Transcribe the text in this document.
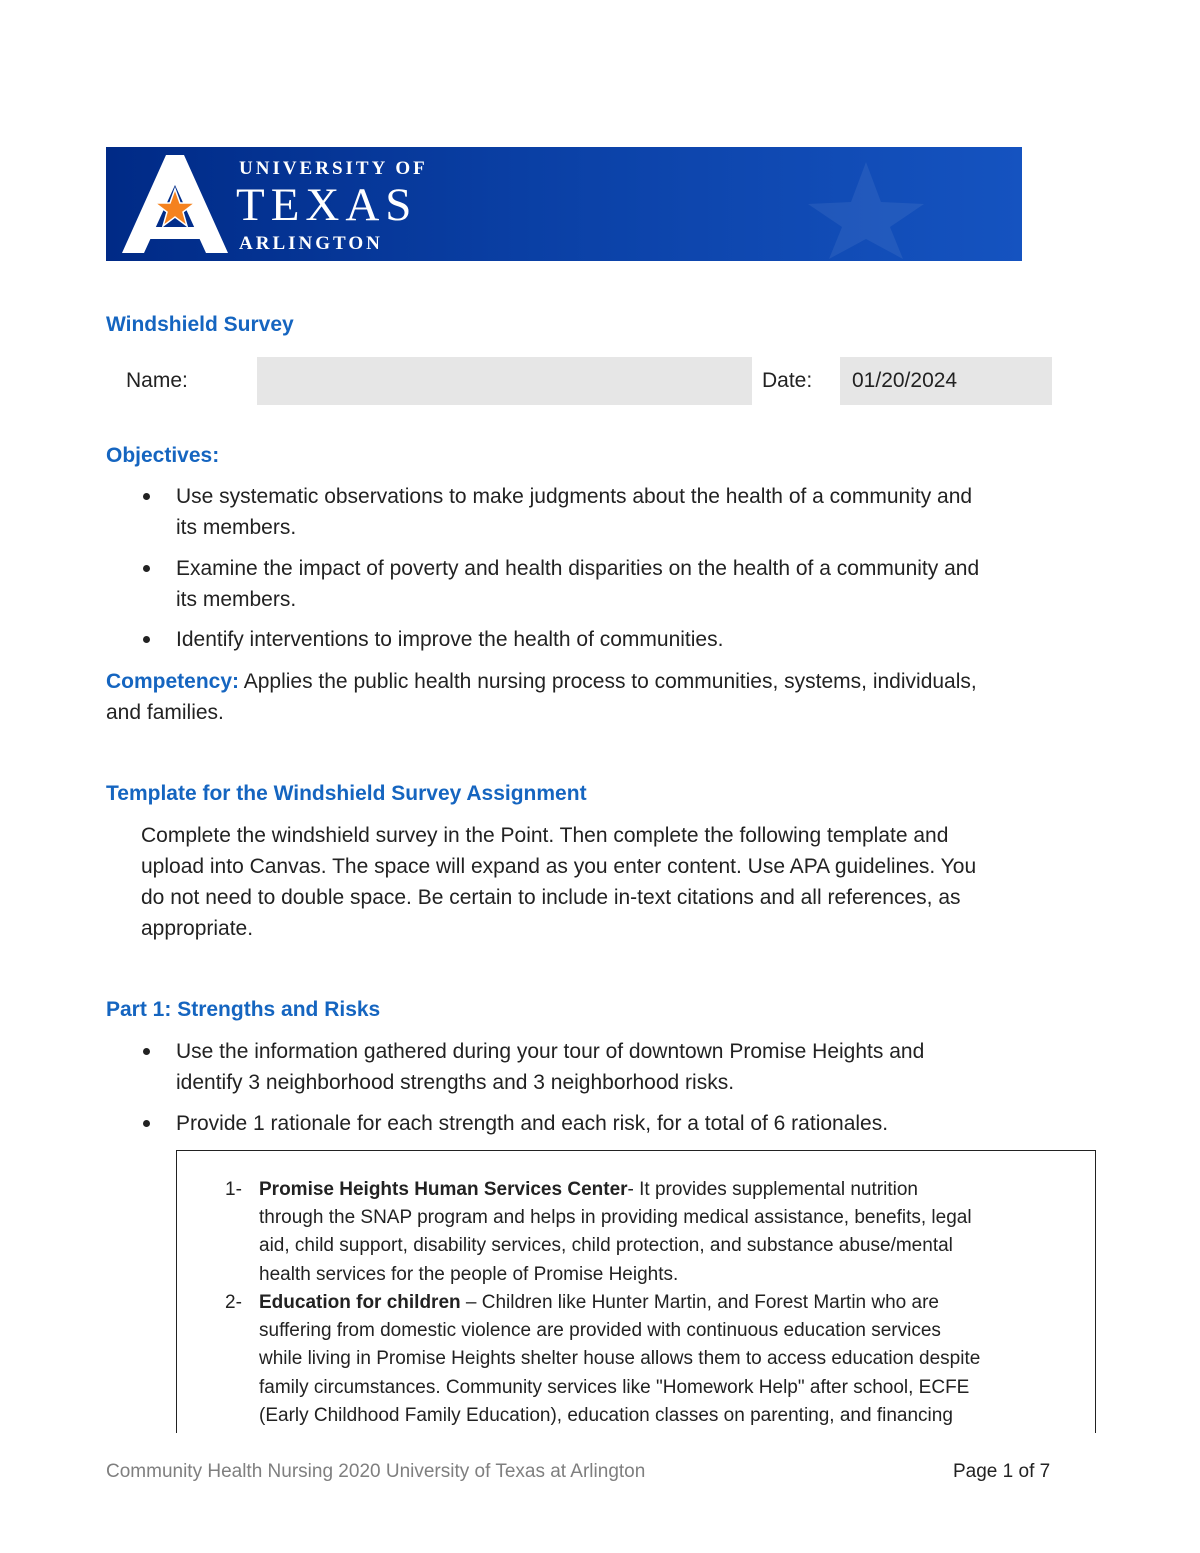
UNIVERSITY OF
TEXAS
ARLINGTON
Windshield Survey
Name:	Date: 01/20/2024
Objectives:
Use systematic observations to make judgments about the health of a community and
its members.
Examine the impact of poverty and health disparities on the health of a community and
its members.
Identify interventions to improve the health of communities.
Competency: Applies the public health nursing process to communities, systems, individuals,
and families.
Template for the Windshield Survey Assignment
Complete the windshield survey in the Point. Then complete the following template and
upload into Canvas. The space will expand as you enter content. Use APA guidelines. You
do not need to double space. Be certain to include in-text citations and all references, as
appropriate.
Part 1: Strengths and Risks
Use the information gathered during your tour of downtown Promise Heights and
identify 3 neighborhood strengths and 3 neighborhood risks.
Provide 1 rationale for each strength and each risk, for a total of 6 rationales.
1- Promise Heights Human Services Center- It provides supplemental nutrition
through the SNAP program and helps in providing medical assistance, benefits, legal
aid, child support, disability services, child protection, and substance abuse/mental
health services for the people of Promise Heights.
2- Education for children – Children like Hunter Martin, and Forest Martin who are
suffering from domestic violence are provided with continuous education services
while living in Promise Heights shelter house allows them to access education despite
family circumstances. Community services like "Homework Help" after school, ECFE
(Early Childhood Family Education), education classes on parenting, and financing
Community Health Nursing 2020 University of Texas at Arlington	Page 1 of 7
